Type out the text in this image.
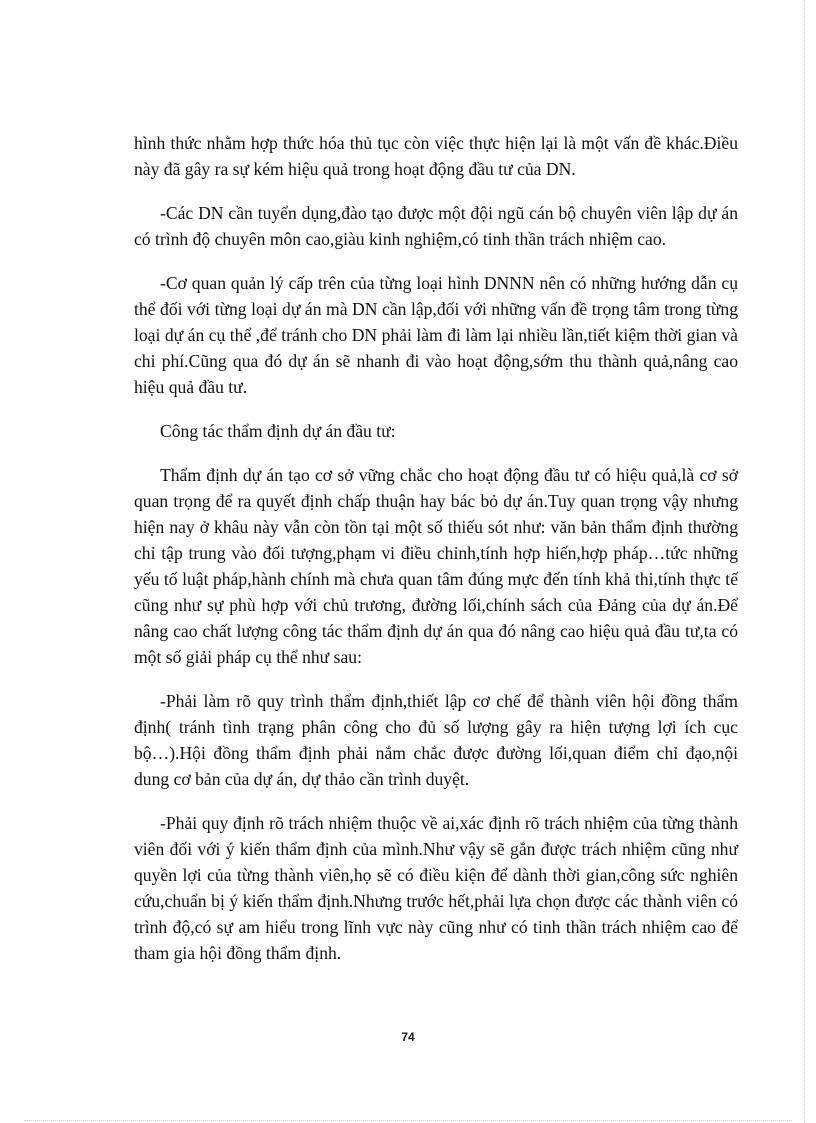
hình thức nhằm hợp thức hóa thủ tục còn việc thực hiện lại là một vấn đề khác.Điều này đã gây ra sự kém hiệu quả trong hoạt động đầu tư của DN.

-Các DN cần tuyển dụng,đào tạo được một đội ngũ cán bộ chuyên viên lập dự án có trình độ chuyên môn cao,giàu kinh nghiệm,có tinh thần trách nhiệm cao.

-Cơ quan quản lý cấp trên của từng loại hình DNNN nên có những hướng dẫn cụ thể đối với từng loại dự án mà DN cần lập,đối với những vấn đề trọng tâm trong từng loại dự án cụ thể ,để tránh cho DN phải làm đi làm lại nhiều lần,tiết kiệm thời gian và chi phí.Cũng qua đó dự án sẽ nhanh đi vào hoạt động,sớm thu thành quả,nâng cao hiệu quả đầu tư.

Công tác thẩm định dự án đầu tư:

Thẩm định dự án tạo cơ sở vững chắc cho hoạt động đầu tư có hiệu quả,là cơ sở quan trọng để ra quyết định chấp thuận hay bác bỏ dự án.Tuy quan trọng vậy nhưng hiện nay ở khâu này vẫn còn tồn tại một số thiếu sót như: văn bản thẩm định thường chỉ tập trung vào đối tượng,phạm vi điều chỉnh,tính hợp hiến,hợp pháp…tức những yếu tố luật pháp,hành chính mà chưa quan tâm đúng mực đến tính khả thi,tính thực tế cũng như sự phù hợp với chủ trương, đường lối,chính sách của Đảng của dự án.Để nâng cao chất lượng công tác thẩm định dự án qua đó nâng cao hiệu quả đầu tư,ta có một số giải pháp cụ thể như sau:

-Phải làm rõ quy trình thẩm định,thiết lập cơ chế để thành viên hội đồng thẩm định( tránh tình trạng phân công cho đủ số lượng gây ra hiện tượng lợi ích cục bộ…).Hội đồng thẩm định phải nắm chắc được đường lối,quan điểm chỉ đạo,nội dung cơ bản của dự án, dự thảo cần trình duyệt.

-Phải quy định rõ trách nhiệm thuộc về ai,xác định rõ trách nhiệm của từng thành viên đối với ý kiến thẩm định của mình.Như vậy sẽ gắn được trách nhiệm cũng như quyền lợi của từng thành viên,họ sẽ có điều kiện để dành thời gian,công sức nghiên cứu,chuẩn bị ý kiến thẩm định.Nhưng trước hết,phải lựa chọn được các thành viên có trình độ,có sự am hiểu trong lĩnh vực này cũng như có tinh thần trách nhiệm cao để tham gia hội đồng thẩm định.

74
